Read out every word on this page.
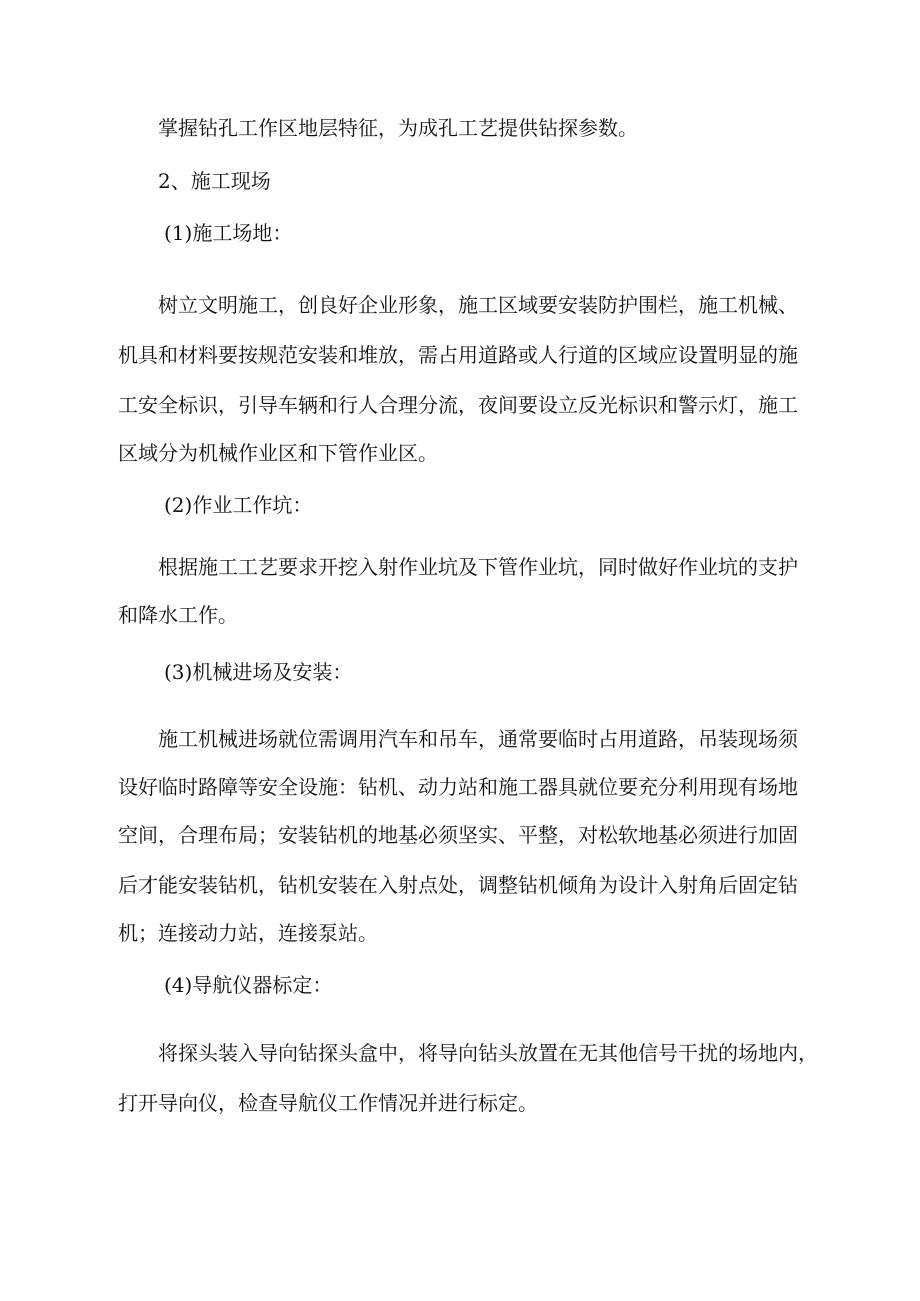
掌握钻孔工作区地层特征，为成孔工艺提供钻探参数。
2、施工现场
(1)施工场地：
树立文明施工，创良好企业形象，施工区域要安装防护围栏，施工机械、
机具和材料要按规范安装和堆放，需占用道路或人行道的区域应设置明显的施
工安全标识，引导车辆和行人合理分流，夜间要设立反光标识和警示灯，施工
区域分为机械作业区和下管作业区。
(2)作业工作坑：
根据施工工艺要求开挖入射作业坑及下管作业坑，同时做好作业坑的支护
和降水工作。
(3)机械进场及安装：
施工机械进场就位需调用汽车和吊车，通常要临时占用道路，吊装现场须
设好临时路障等安全设施：钻机、动力站和施工器具就位要充分利用现有场地
空间，合理布局；安装钻机的地基必须坚实、平整，对松软地基必须进行加固
后才能安装钻机，钻机安装在入射点处，调整钻机倾角为设计入射角后固定钻
机；连接动力站，连接泵站。
(4)导航仪器标定：
将探头装入导向钻探头盒中，将导向钻头放置在无其他信号干扰的场地内，
打开导向仪，检查导航仪工作情况并进行标定。
